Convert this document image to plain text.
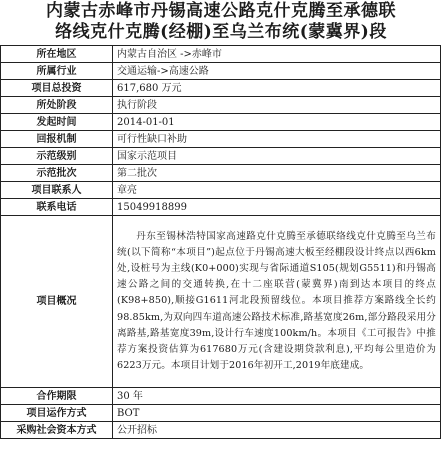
内蒙古赤峰市丹锡高速公路克什克腾至承德联
络线克什克腾(经棚)至乌兰布统(蒙冀界)段
所在地区	内蒙古自治区 ->赤峰市
所属行业	交通运输->高速公路
项目总投资	617,680 万元
所处阶段	执行阶段
发起时间	2014-01-01
回报机制	可行性缺口补助
示范级别	国家示范项目
示范批次	第二批次
项目联系人	章亮
联系电话	15049918899
项目概况	丹东至锡林浩特国家高速路克什克腾至承德联络线克什克腾至乌兰布统(以下简称“本项目”)起点位于丹锡高速大板至经棚段设计终点以西6km处,设桩号为主线(K0+000)实现与省际通道S105(规划G5511)和丹锡高速公路之间的交通转换,在十二座联营(蒙冀界)南到达本项目的终点(K98+850),顺接G1611河北段预留线位。本项目推荐方案路线全长约98.85km,为双向四车道高速公路技术标准,路基宽度26m,部分路段采用分离路基,路基宽度39m,设计行车速度100km/h。本项目《工可报告》中推荐方案投资估算为617680万元(含建设期贷款利息),平均每公里造价为6223万元。本项目计划于2016年初开工,2019年底建成。
合作期限	30 年
项目运作方式	BOT
采购社会资本方式	公开招标
